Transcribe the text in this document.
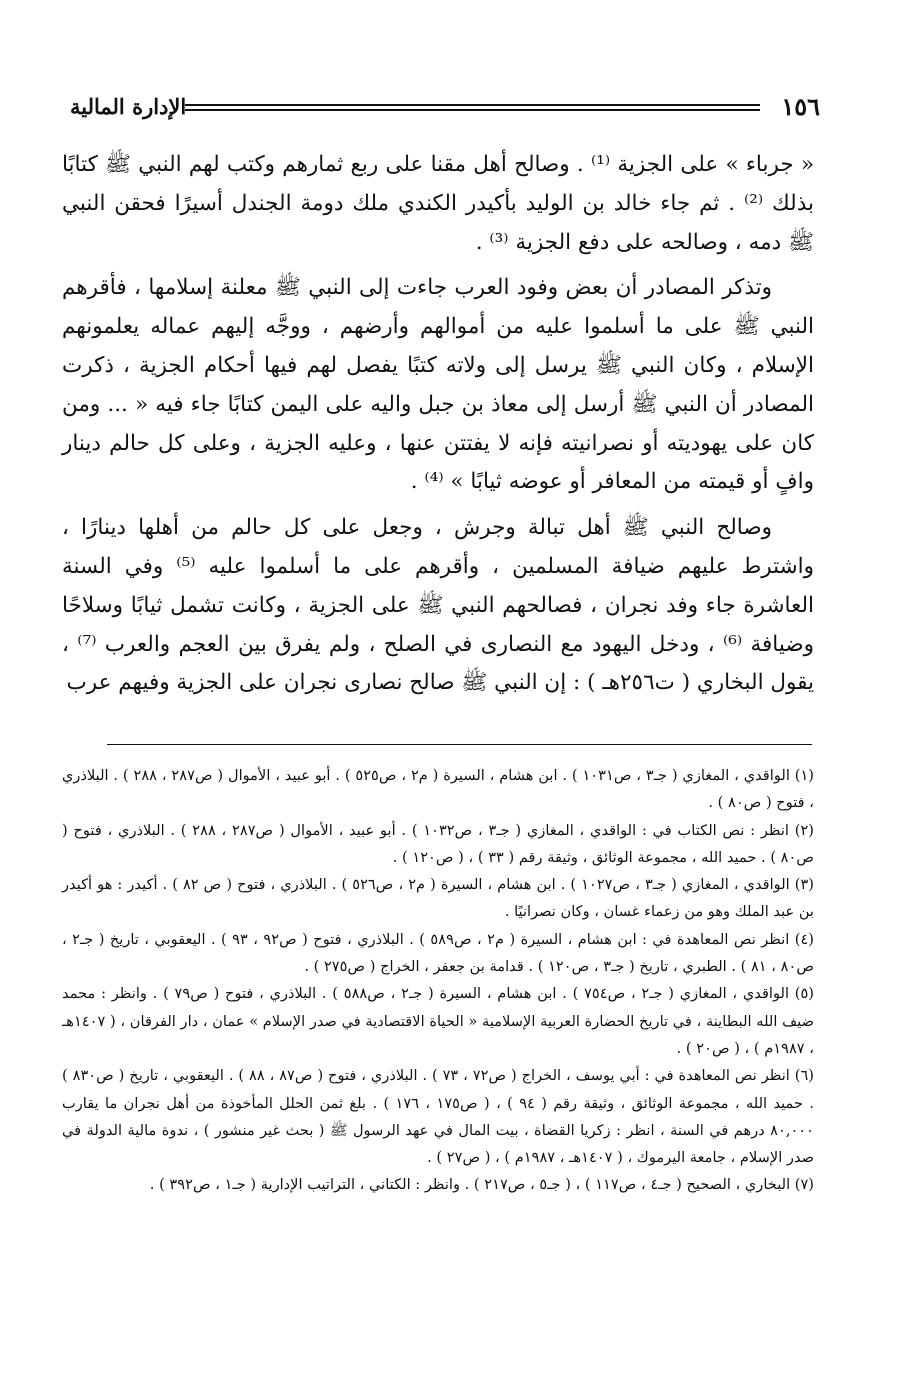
١٥٦
الإدارة المالية

« جرباء » على الجزية ⁽¹⁾ . وصالح أهل مقنا على ربع ثمارهم وكتب لهم النبي ﷺ كتابًا بذلك ⁽²⁾ . ثم جاء خالد بن الوليد بأكيدر الكندي ملك دومة الجندل أسيرًا فحقن النبي ﷺ دمه ، وصالحه على دفع الجزية ⁽³⁾ .

وتذكر المصادر أن بعض وفود العرب جاءت إلى النبي ﷺ معلنة إسلامها ، فأقرهم النبي ﷺ على ما أسلموا عليه من أموالهم وأرضهم ، ووجَّه إليهم عماله يعلمونهم الإسلام ، وكان النبي ﷺ يرسل إلى ولاته كتبًا يفصل لهم فيها أحكام الجزية ، ذكرت المصادر أن النبي ﷺ أرسل إلى معاذ بن جبل واليه على اليمن كتابًا جاء فيه « ... ومن كان على يهوديته أو نصرانيته فإنه لا يفتتن عنها ، وعليه الجزية ، وعلى كل حالم دينار وافٍ أو قيمته من المعافر أو عوضه ثيابًا » ⁽⁴⁾ .

وصالح النبي ﷺ أهل تبالة وجرش ، وجعل على كل حالم من أهلها دينارًا ، واشترط عليهم ضيافة المسلمين ، وأقرهم على ما أسلموا عليه ⁽⁵⁾ وفي السنة العاشرة جاء وفد نجران ، فصالحهم النبي ﷺ على الجزية ، وكانت تشمل ثيابًا وسلاحًا وضيافة ⁽⁶⁾ ، ودخل اليهود مع النصارى في الصلح ، ولم يفرق بين العجم والعرب ⁽⁷⁾ ، يقول البخاري ( ت٢٥٦هـ ) : إن النبي ﷺ صالح نصارى نجران على الجزية وفيهم عرب

(١) الواقدي ، المغازي ( جـ٣ ، ص١٠٣١ ) . ابن هشام ، السيرة ( م٢ ، ص٥٢٥ ) . أبو عبيد ، الأموال ( ص٢٨٧ ، ٢٨٨ ) . البلاذري ، فتوح ( ص٨٠ ) .

(٢) انظر : نص الكتاب في : الواقدي ، المغازي ( جـ٣ ، ص١٠٣٢ ) . أبو عبيد ، الأموال ( ص٢٨٧ ، ٢٨٨ ) . البلاذري ، فتوح ( ص٨٠ ) . حميد الله ، مجموعة الوثائق ، وثيقة رقم ( ٣٣ ) ، ( ص١٢٠ ) .

(٣) الواقدي ، المغازي ( جـ٣ ، ص١٠٢٧ ) . ابن هشام ، السيرة ( م٢ ، ص٥٢٦ ) . البلاذري ، فتوح ( ص ٨٢ ) . أكيدر : هو أكيدر بن عبد الملك وهو من زعماء غسان ، وكان نصرانيًا .

(٤) انظر نص المعاهدة في : ابن هشام ، السيرة ( م٢ ، ص٥٨٩ ) . البلاذري ، فتوح ( ص٩٢ ، ٩٣ ) . اليعقوبي ، تاريخ ( جـ٢ ، ص٨٠ ، ٨١ ) . الطبري ، تاريخ ( جـ٣ ، ص١٢٠ ) . قدامة بن جعفر ، الخراج ( ص٢٧٥ ) .

(٥) الواقدي ، المغازي ( جـ٢ ، ص٧٥٤ ) . ابن هشام ، السيرة ( جـ٢ ، ص٥٨٨ ) . البلاذري ، فتوح ( ص٧٩ ) . وانظر : محمد ضيف الله البطاينة ، في تاريخ الحضارة العربية الإسلامية « الحياة الاقتصادية في صدر الإسلام » عمان ، دار الفرقان ، ( ١٤٠٧هـ ، ١٩٨٧م ) ، ( ص٢٠ ) .

(٦) انظر نص المعاهدة في : أبي يوسف ، الخراج ( ص٧٢ ، ٧٣ ) . البلاذري ، فتوح ( ص٨٧ ، ٨٨ ) . اليعقوبي ، تاريخ ( ص٨٣٠ ) . حميد الله ، مجموعة الوثائق ، وثيقة رقم ( ٩٤ ) ، ( ص١٧٥ ، ١٧٦ ) . بلغ ثمن الحلل المأخوذة من أهل نجران ما يقارب ٨٠,٠٠٠ درهم في السنة ، انظر : زكريا القضاة ، بيت المال في عهد الرسول ﷺ ( بحث غير منشور ) ، ندوة مالية الدولة في صدر الإسلام ، جامعة اليرموك ، ( ١٤٠٧هـ ، ١٩٨٧م ) ، ( ص٢٧ ) .

(٧) البخاري ، الصحيح ( جـ٤ ، ص١١٧ ) ، ( جـ٥ ، ص٢١٧ ) . وانظر : الكتاني ، التراتيب الإدارية ( جـ١ ، ص٣٩٢ ) .
